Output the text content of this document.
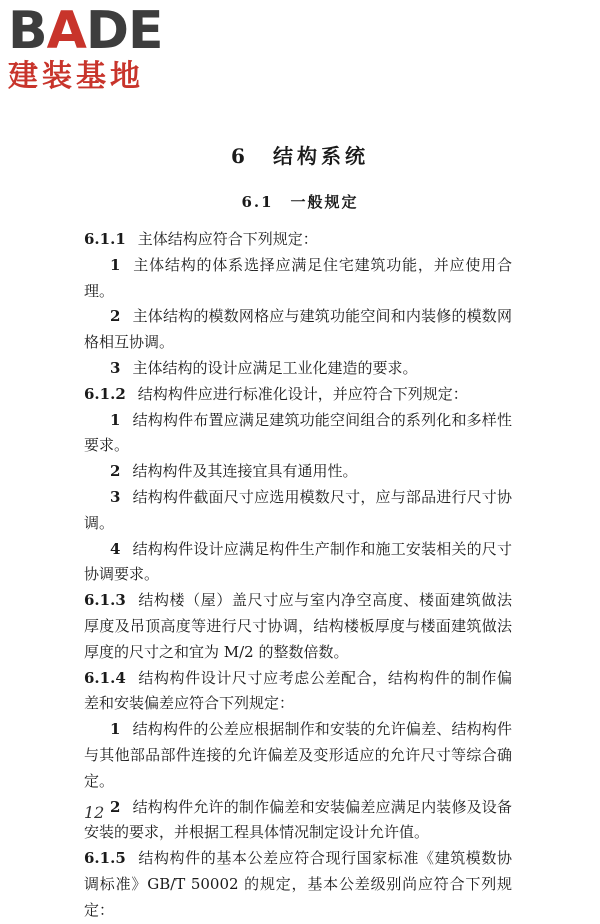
BADE
建装基地
6　结构系统
6.1　一般规定

6.1.1 主体结构应符合下列规定：

1 主体结构的体系选择应满足住宅建筑功能，并应使用合理。

2 主体结构的模数网格应与建筑功能空间和内装修的模数网格相互协调。

3 主体结构的设计应满足工业化建造的要求。

6.1.2 结构构件应进行标准化设计，并应符合下列规定：

1 结构构件布置应满足建筑功能空间组合的系列化和多样性要求。

2 结构构件及其连接宜具有通用性。

3 结构构件截面尺寸应选用模数尺寸，应与部品进行尺寸协调。

4 结构构件设计应满足构件生产制作和施工安装相关的尺寸协调要求。

6.1.3 结构楼（屋）盖尺寸应与室内净空高度、楼面建筑做法厚度及吊顶高度等进行尺寸协调，结构楼板厚度与楼面建筑做法厚度的尺寸之和宜为 M/2 的整数倍数。

6.1.4 结构构件设计尺寸应考虑公差配合，结构构件的制作偏差和安装偏差应符合下列规定：

1 结构构件的公差应根据制作和安装的允许偏差、结构构件与其他部品部件连接的允许偏差及变形适应的允许尺寸等综合确定。

2 结构构件允许的制作偏差和安装偏差应满足内装修及设备安装的要求，并根据工程具体情况制定设计允许值。

6.1.5 结构构件的基本公差应符合现行国家标准《建筑模数协调标准》GB/T 50002 的规定，基本公差级别尚应符合下列规定：

12
